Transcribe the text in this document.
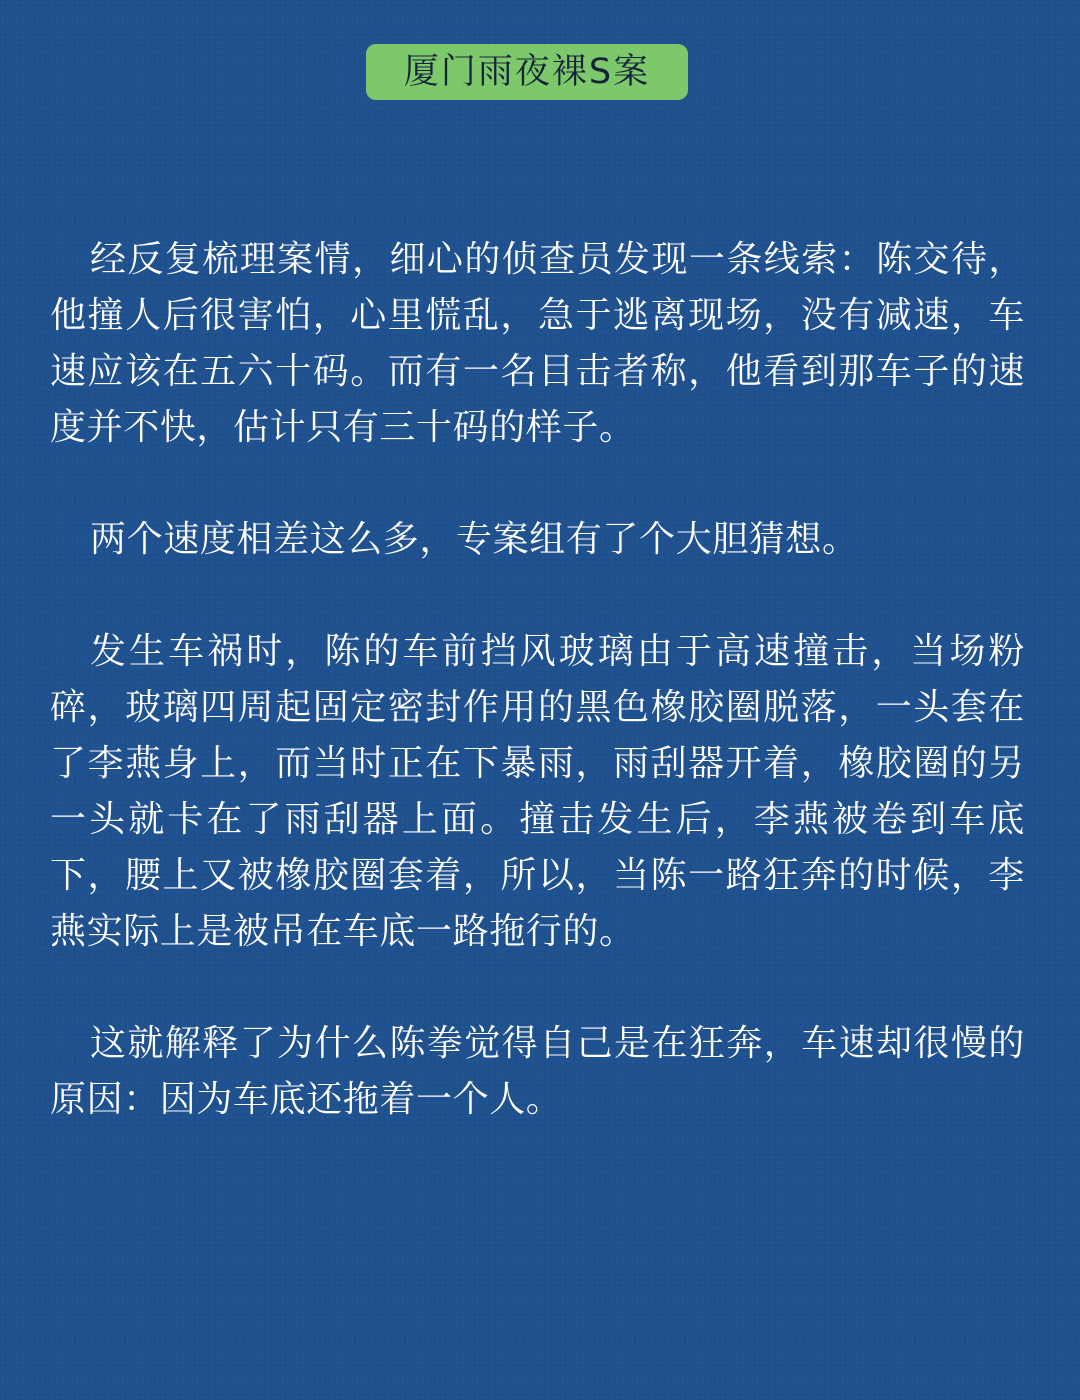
厦门雨夜裸S案

经反复梳理案情，细心的侦查员发现一条线索：陈交待，他撞人后很害怕，心里慌乱，急于逃离现场，没有减速，车速应该在五六十码。而有一名目击者称，他看到那车子的速度并不快，估计只有三十码的样子。

两个速度相差这么多，专案组有了个大胆猜想。

发生车祸时，陈的车前挡风玻璃由于高速撞击，当场粉碎，玻璃四周起固定密封作用的黑色橡胶圈脱落，一头套在了李燕身上，而当时正在下暴雨，雨刮器开着，橡胶圈的另一头就卡在了雨刮器上面。撞击发生后，李燕被卷到车底下，腰上又被橡胶圈套着，所以，当陈一路狂奔的时候，李燕实际上是被吊在车底一路拖行的。

这就解释了为什么陈拳觉得自己是在狂奔，车速却很慢的原因：因为车底还拖着一个人。
